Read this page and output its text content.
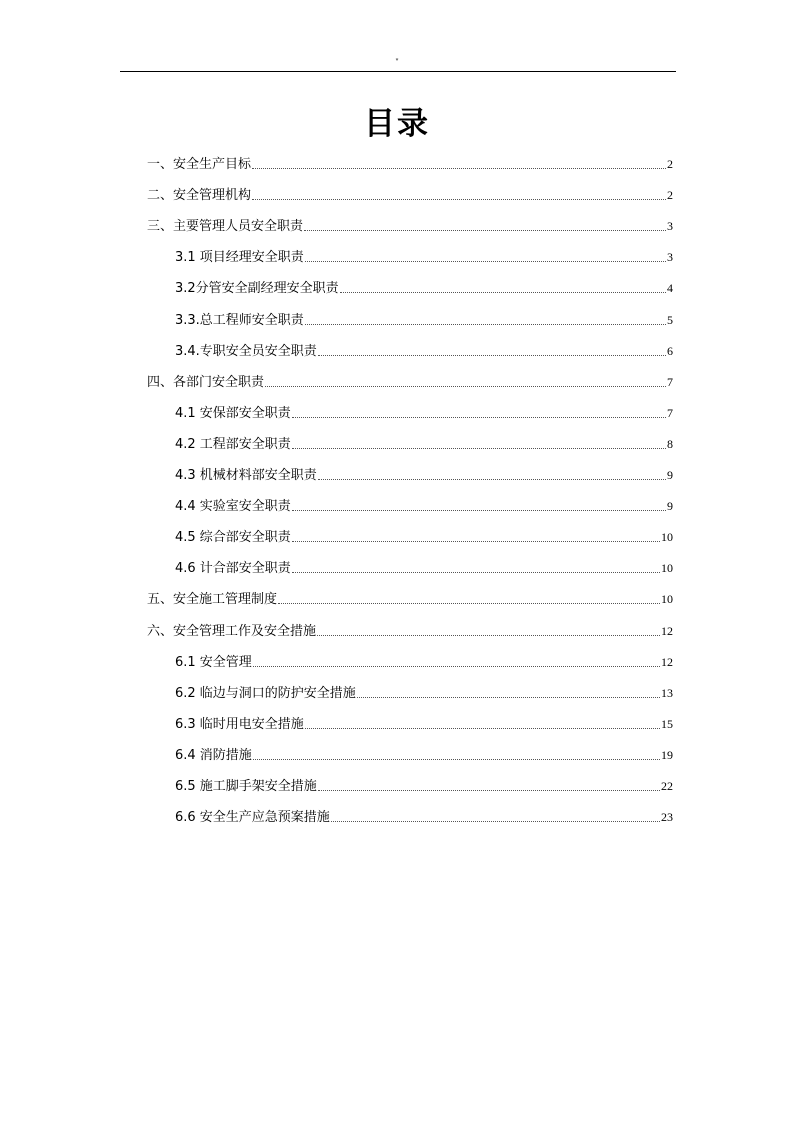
"
目录
一、安全生产目标	2
二、安全管理机构	2
三、主要管理人员安全职责	3
3.1 项目经理安全职责	3
3.2分管安全副经理安全职责	4
3.3.总工程师安全职责	5
3.4.专职安全员安全职责	6
四、各部门安全职责	7
4.1 安保部安全职责	7
4.2 工程部安全职责	8
4.3 机械材料部安全职责	9
4.4 实验室安全职责	9
4.5 综合部安全职责	10
4.6 计合部安全职责	10
五、安全施工管理制度	10
六、安全管理工作及安全措施	12
6.1 安全管理	12
6.2 临边与洞口的防护安全措施	13
6.3 临时用电安全措施	15
6.4 消防措施	19
6.5 施工脚手架安全措施	22
6.6 安全生产应急预案措施	23
